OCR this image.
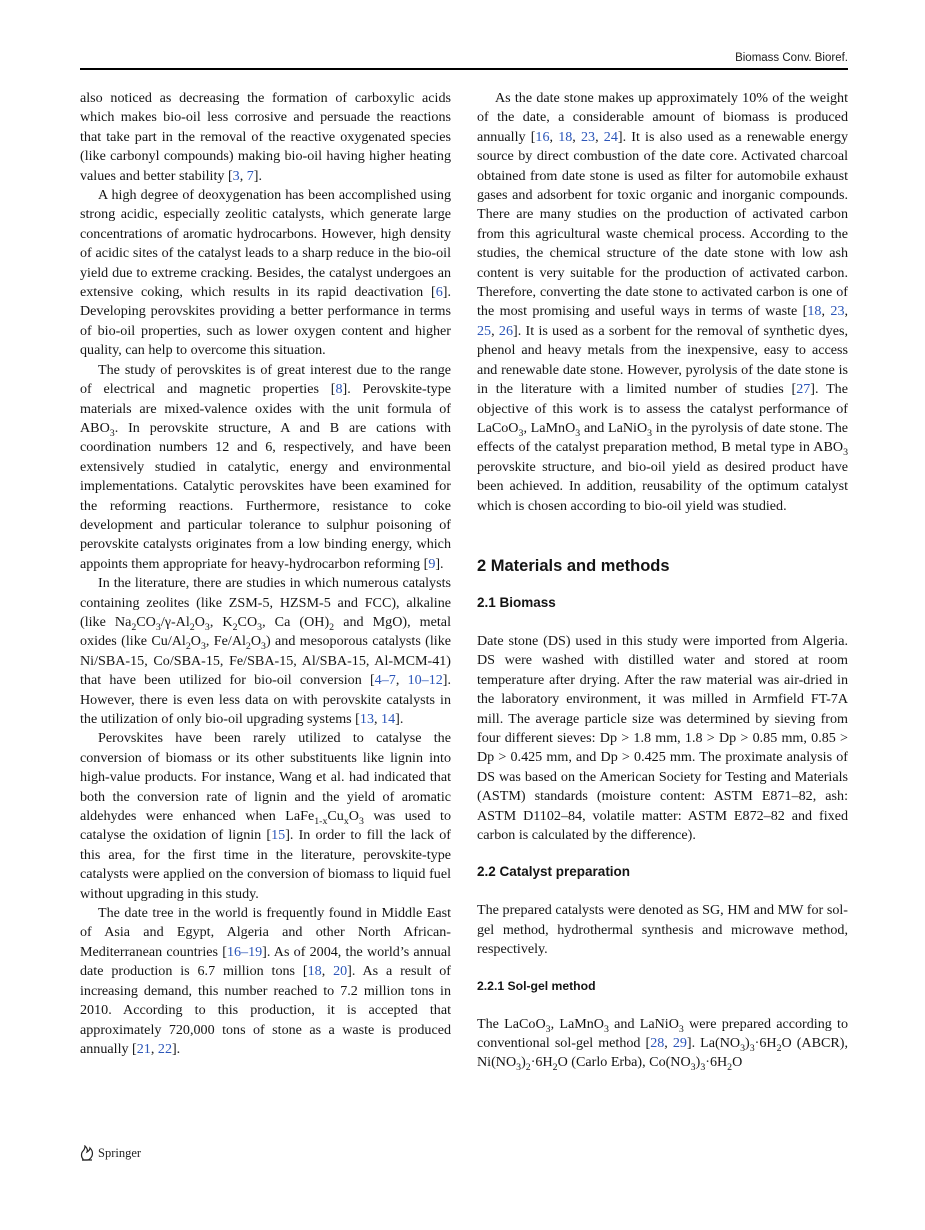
Biomass Conv. Bioref.

also noticed as decreasing the formation of carboxylic acids which makes bio-oil less corrosive and persuade the reactions that take part in the removal of the reactive oxygenated species (like carbonyl compounds) making bio-oil having higher heating values and better stability [3, 7].

A high degree of deoxygenation has been accomplished using strong acidic, especially zeolitic catalysts, which generate large concentrations of aromatic hydrocarbons. However, high density of acidic sites of the catalyst leads to a sharp reduce in the bio-oil yield due to extreme cracking. Besides, the catalyst undergoes an extensive coking, which results in its rapid deactivation [6]. Developing perovskites providing a better performance in terms of bio-oil properties, such as lower oxygen content and higher quality, can help to overcome this situation.

The study of perovskites is of great interest due to the range of electrical and magnetic properties [8]. Perovskite-type materials are mixed-valence oxides with the unit formula of $ABO_3$. In perovskite structure, A and B are cations with coordination numbers 12 and 6, respectively, and have been extensively studied in catalytic, energy and environmental implementations. Catalytic perovskites have been examined for the reforming reactions. Furthermore, resistance to coke development and particular tolerance to sulphur poisoning of perovskite catalysts originates from a low binding energy, which appoints them appropriate for heavy-hydrocarbon reforming [9].

In the literature, there are studies in which numerous catalysts containing zeolites (like ZSM-5, HZSM-5 and FCC), alkaline (like $Na_2CO_3/\gamma-Al_2O_3$, $K_2CO_3$, Ca $(OH)_2$ and MgO), metal oxides (like $Cu/Al_2O_3$, $Fe/Al_2O_3$) and mesoporous catalysts (like Ni/SBA-15, Co/SBA-15, Fe/SBA-15, Al/SBA-15, Al-MCM-41) that have been utilized for bio-oil conversion [4–7, 10–12]. However, there is even less data on with perovskite catalysts in the utilization of only bio-oil upgrading systems [13, 14].

Perovskites have been rarely utilized to catalyse the conversion of biomass or its other substituents like lignin into high-value products. For instance, Wang et al. had indicated that both the conversion rate of lignin and the yield of aromatic aldehydes were enhanced when $LaFe_{1-x}Cu_xO_3$ was used to catalyse the oxidation of lignin [15]. In order to fill the lack of this area, for the first time in the literature, perovskite-type catalysts were applied on the conversion of biomass to liquid fuel without upgrading in this study.

The date tree in the world is frequently found in Middle East of Asia and Egypt, Algeria and other North African-Mediterranean countries [16–19]. As of 2004, the world’s annual date production is 6.7 million tons [18, 20]. As a result of increasing demand, this number reached to 7.2 million tons in 2010. According to this production, it is accepted that approximately 720,000 tons of stone as a waste is produced annually [21, 22].

As the date stone makes up approximately 10% of the weight of the date, a considerable amount of biomass is produced annually [16, 18, 23, 24]. It is also used as a renewable energy source by direct combustion of the date core. Activated charcoal obtained from date stone is used as filter for automobile exhaust gases and adsorbent for toxic organic and inorganic compounds. There are many studies on the production of activated carbon from this agricultural waste chemical process. According to the studies, the chemical structure of the date stone with low ash content is very suitable for the production of activated carbon. Therefore, converting the date stone to activated carbon is one of the most promising and useful ways in terms of waste [18, 23, 25, 26]. It is used as a sorbent for the removal of synthetic dyes, phenol and heavy metals from the inexpensive, easy to access and renewable date stone. However, pyrolysis of the date stone is in the literature with a limited number of studies [27]. The objective of this work is to assess the catalyst performance of LaCoO$_3$, LaMnO$_3$ and LaNiO$_3$ in the pyrolysis of date stone. The effects of the catalyst preparation method, B metal type in $ABO_3$ perovskite structure, and bio-oil yield as desired product have been achieved. In addition, reusability of the optimum catalyst which is chosen according to bio-oil yield was studied.

2 Materials and methods
2.1 Biomass

Date stone (DS) used in this study were imported from Algeria. DS were washed with distilled water and stored at room temperature after drying. After the raw material was air-dried in the laboratory environment, it was milled in Armfield FT-7A mill. The average particle size was determined by sieving from four different sieves: Dp > 1.8 mm, 1.8 > Dp > 0.85 mm, 0.85 > Dp > 0.425 mm, and Dp > 0.425 mm. The proximate analysis of DS was based on the American Society for Testing and Materials (ASTM) standards (moisture content: ASTM E871–82, ash: ASTM D1102–84, volatile matter: ASTM E872–82 and fixed carbon is calculated by the difference).

2.2 Catalyst preparation

The prepared catalysts were denoted as SG, HM and MW for sol-gel method, hydrothermal synthesis and microwave method, respectively.

2.2.1 Sol-gel method

The LaCoO$_3$, LaMnO$_3$ and LaNiO$_3$ were prepared according to conventional sol-gel method [28, 29]. $La(NO_3)_3\cdot 6H_2O$ (ABCR), $Ni(NO_3)_2\cdot 6H_2O$ (Carlo Erba), $Co(NO_3)_3\cdot 6H_2O$

Springer
